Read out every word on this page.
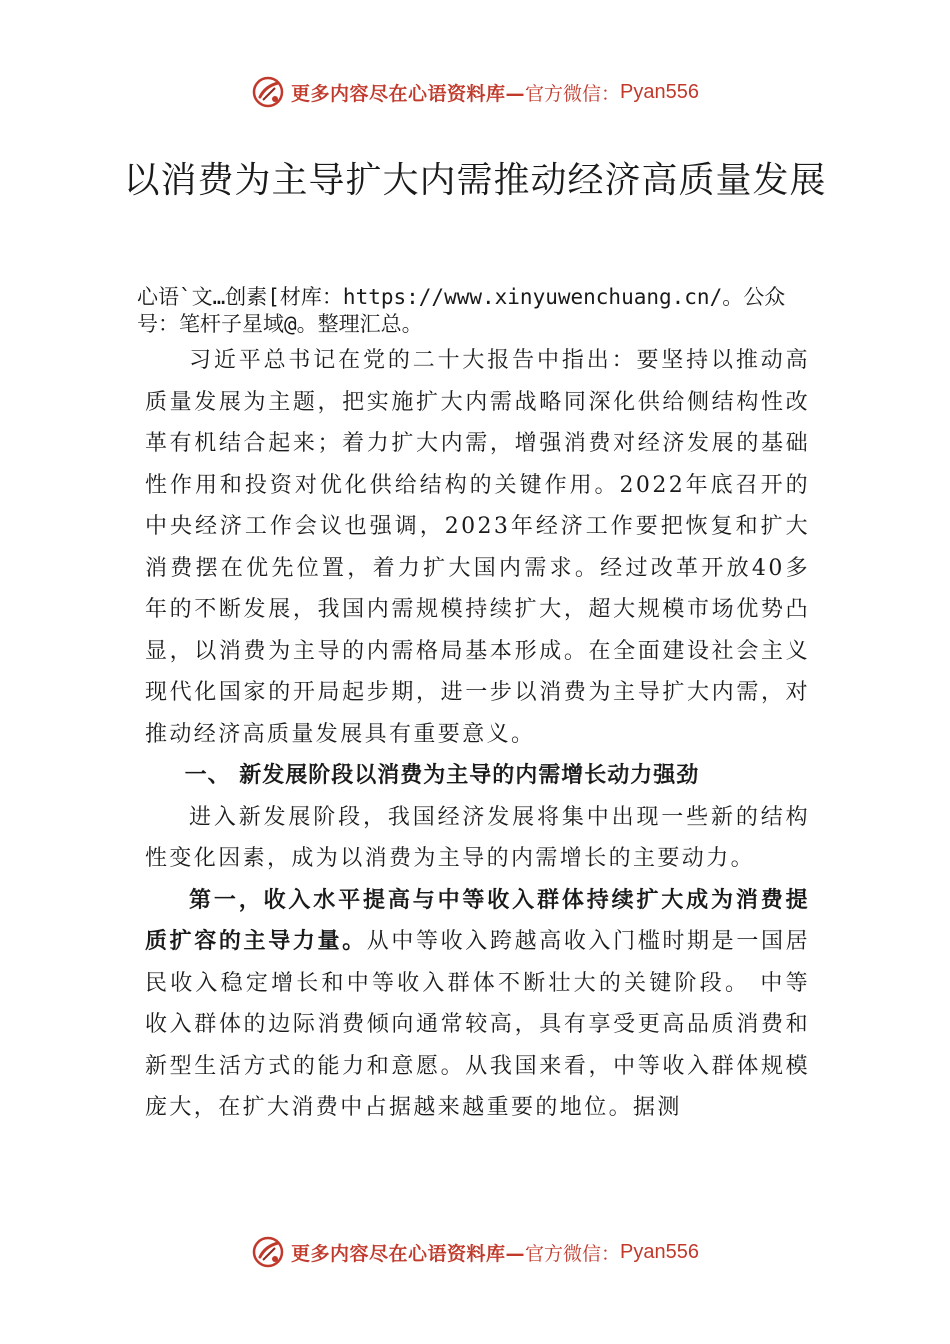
更多内容尽在心语资料库— 官方微信： Pyan556
以消费为主导扩大内需推动经济高质量发展
心语`文…创素[材库：https://www.xinyuwenchuang.cn/。公众号：笔杆子星域@。整理汇总。

习近平总书记在党的二十大报告中指出：要坚持以推动高质量发展为主题，把实施扩大内需战略同深化供给侧结构性改革有机结合起来；着力扩大内需，增强消费对经济发展的基础性作用和投资对优化供给结构的关键作用。2022年底召开的中央经济工作会议也强调，2023年经济工作要把恢复和扩大消费摆在优先位置，着力扩大国内需求。经过改革开放40多年的不断发展，我国内需规模持续扩大，超大规模市场优势凸显，以消费为主导的内需格局基本形成。在全面建设社会主义现代化国家的开局起步期，进一步以消费为主导扩大内需，对推动经济高质量发展具有重要意义。

一、 新发展阶段以消费为主导的内需增长动力强劲

进入新发展阶段，我国经济发展将集中出现一些新的结构性变化因素，成为以消费为主导的内需增长的主要动力。

第一，收入水平提高与中等收入群体持续扩大成为消费提质扩容的主导力量。从中等收入跨越高收入门槛时期是一国居民收入稳定增长和中等收入群体不断壮大的关键阶段。 中等收入群体的边际消费倾向通常较高，具有享受更高品质消费和新型生活方式的能力和意愿。从我国来看，中等收入群体规模庞大，在扩大消费中占据越来越重要的地位。据测

更多内容尽在心语资料库— 官方微信： Pyan556
